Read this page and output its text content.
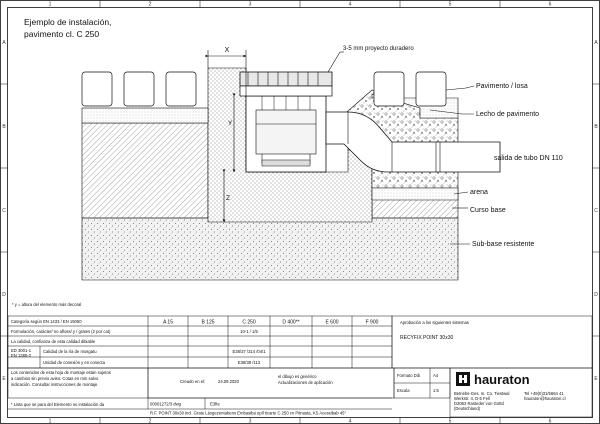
1	2	3	4	5	6
1	2	3	4	5	6
A
B
C
D
E
A
B
C
D
E
Ejemplo de instalación,
pavimento cl. C 250
X
Y
Z
3-5 mm proyecto duradero
Pavimento / losa
Lecho de pavimento
salida de tubo DN 110
arena
Curso base
Sub-base resistente
* y = altura del elemento más decoral
Categoría según EN 1433 / EN 15050	A 15	B 125	C 250	D 400**	E 600	F 900
Formulación, carácter/ no afloss/ y / grates (2 por cat)	10-1 / 1/5
La calidad, confianza de esta calidad dibiable
ED 3001-1
EN 1385-2
Calidad de la ría de mosgatu	E38/37 /314 /04/1
Unidad de conexión y en conecta	E38/38 /113
Aprobación a los siguientes sistemas
RECYFIX POINT 30x30
Los contenidos de esta hoja de montaje están sujetos
a cambios sin previo aviso. Cotas en mm salvo
indicación. Consultar instrucciones de montaje.
* Lista que se para del Elemento no instalación da	00001272/3 dwg	E3fte
Creado en el:	24.09.2020
el dibujo es genérico
Actualizaciones de aplicación
Formato Dib	A4
Escala	1:5
R.F. POINT 30x30 incl. Grate Láxgezentabens Embasiba epíl ticarte C 250 cn Pitnasta, KS Acessibab 45°
hauraton
Betriebs-Ges. m. Co. Tiestwal
Werkstr. 4, D-5 Fell
D3063 Rasteder von Gottd
(Deutschland)
Tel +49(0)31/5664 41
hauraton@hauraton.cl
